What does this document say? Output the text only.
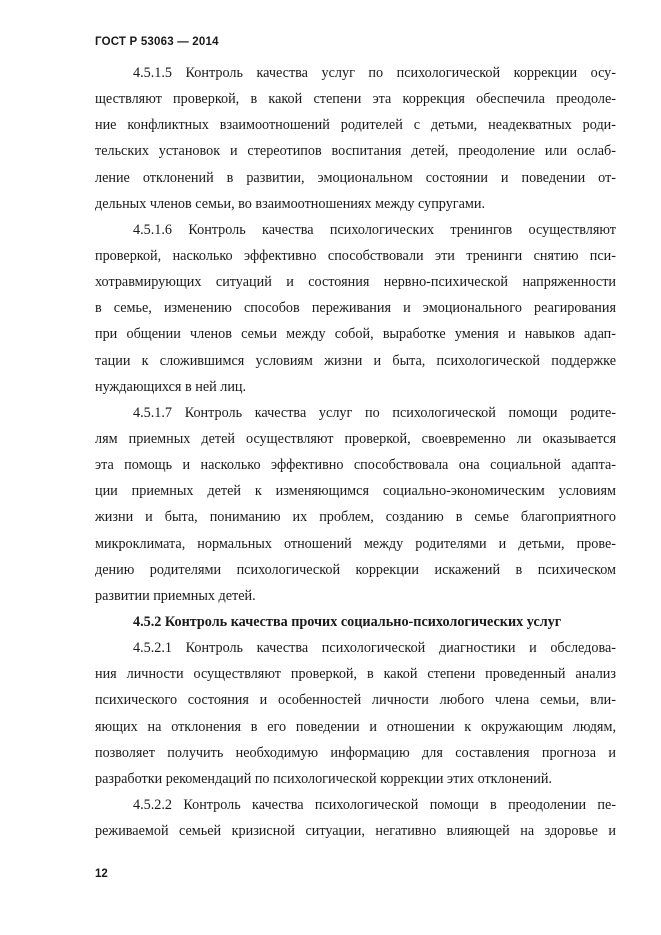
ГОСТ Р 53063 — 2014
4.5.1.5 Контроль качества услуг по психологической коррекции осу-
ществляют проверкой, в какой степени эта коррекция обеспечила преодоле-
ние конфликтных взаимоотношений родителей с детьми, неадекватных роди-
тельских установок и стереотипов воспитания детей, преодоление или ослаб-
ление отклонений в развитии, эмоциональном состоянии и поведении от-
дельных членов семьи, во взаимоотношениях между супругами.
4.5.1.6 Контроль качества психологических тренингов осуществляют
проверкой, насколько эффективно способствовали эти тренинги снятию пси-
хотравмирующих ситуаций и состояния нервно-психической напряженности
в семье, изменению способов переживания и эмоционального реагирования
при общении членов семьи между собой, выработке умения и навыков адап-
тации к сложившимся условиям жизни и быта, психологической поддержке
нуждающихся в ней лиц.
4.5.1.7 Контроль качества услуг по психологической помощи родите-
лям приемных детей осуществляют проверкой, своевременно ли оказывается
эта помощь и насколько эффективно способствовала она социальной адапта-
ции приемных детей к изменяющимся социально-экономическим условиям
жизни и быта, пониманию их проблем, созданию в семье благоприятного
микроклимата, нормальных отношений между родителями и детьми, прове-
дению родителями психологической коррекции искажений в психическом
развитии приемных детей.
4.5.2 Контроль качества прочих социально-психологических услуг
4.5.2.1 Контроль качества психологической диагностики и обследова-
ния личности осуществляют проверкой, в какой степени проведенный анализ
психического состояния и особенностей личности любого члена семьи, вли-
яющих на отклонения в его поведении и отношении к окружающим людям,
позволяет получить необходимую информацию для составления прогноза и
разработки рекомендаций по психологической коррекции этих отклонений.
4.5.2.2 Контроль качества психологической помощи в преодолении пе-
реживаемой семьей кризисной ситуации, негативно влияющей на здоровье и
12
